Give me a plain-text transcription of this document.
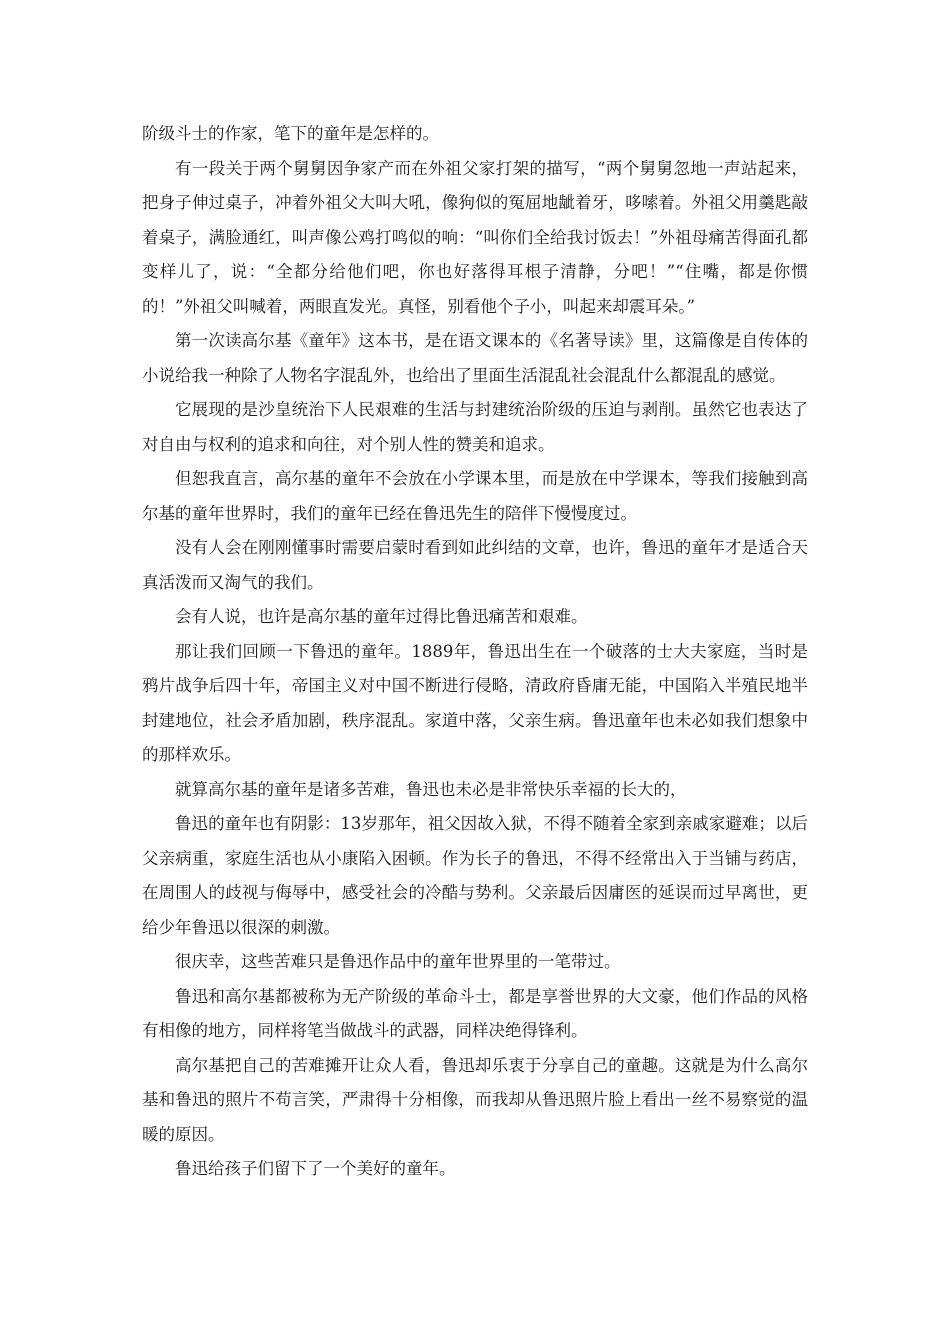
阶级斗士的作家，笔下的童年是怎样的。

有一段关于两个舅舅因争家产而在外祖父家打架的描写，“两个舅舅忽地一声站起来，把身子伸过桌子，冲着外祖父大叫大吼，像狗似的冤屈地龇着牙，哆嗦着。外祖父用羹匙敲着桌子，满脸通红，叫声像公鸡打鸣似的响：“叫你们全给我讨饭去！”外祖母痛苦得面孔都变样儿了，说：“全都分给他们吧，你也好落得耳根子清静，分吧！”“住嘴，都是你惯的！”外祖父叫喊着，两眼直发光。真怪，别看他个子小，叫起来却震耳朵。”

第一次读高尔基《童年》这本书，是在语文课本的《名著导读》里，这篇像是自传体的小说给我一种除了人物名字混乱外，也给出了里面生活混乱社会混乱什么都混乱的感觉。

它展现的是沙皇统治下人民艰难的生活与封建统治阶级的压迫与剥削。虽然它也表达了对自由与权利的追求和向往，对个别人性的赞美和追求。

但恕我直言，高尔基的童年不会放在小学课本里，而是放在中学课本，等我们接触到高尔基的童年世界时，我们的童年已经在鲁迅先生的陪伴下慢慢度过。

没有人会在刚刚懂事时需要启蒙时看到如此纠结的文章，也许，鲁迅的童年才是适合天真活泼而又淘气的我们。

会有人说，也许是高尔基的童年过得比鲁迅痛苦和艰难。

那让我们回顾一下鲁迅的童年。1889年，鲁迅出生在一个破落的士大夫家庭，当时是鸦片战争后四十年，帝国主义对中国不断进行侵略，清政府昏庸无能，中国陷入半殖民地半封建地位，社会矛盾加剧，秩序混乱。家道中落，父亲生病。鲁迅童年也未必如我们想象中的那样欢乐。

就算高尔基的童年是诸多苦难，鲁迅也未必是非常快乐幸福的长大的，

鲁迅的童年也有阴影：13岁那年，祖父因故入狱，不得不随着全家到亲戚家避难；以后父亲病重，家庭生活也从小康陷入困顿。作为长子的鲁迅，不得不经常出入于当铺与药店，在周围人的歧视与侮辱中，感受社会的冷酷与势利。父亲最后因庸医的延误而过早离世，更给少年鲁迅以很深的刺激。

很庆幸，这些苦难只是鲁迅作品中的童年世界里的一笔带过。

鲁迅和高尔基都被称为无产阶级的革命斗士，都是享誉世界的大文豪，他们作品的风格有相像的地方，同样将笔当做战斗的武器，同样决绝得锋利。

高尔基把自己的苦难摊开让众人看，鲁迅却乐衷于分享自己的童趣。这就是为什么高尔基和鲁迅的照片不苟言笑，严肃得十分相像，而我却从鲁迅照片脸上看出一丝不易察觉的温暖的原因。

鲁迅给孩子们留下了一个美好的童年。
